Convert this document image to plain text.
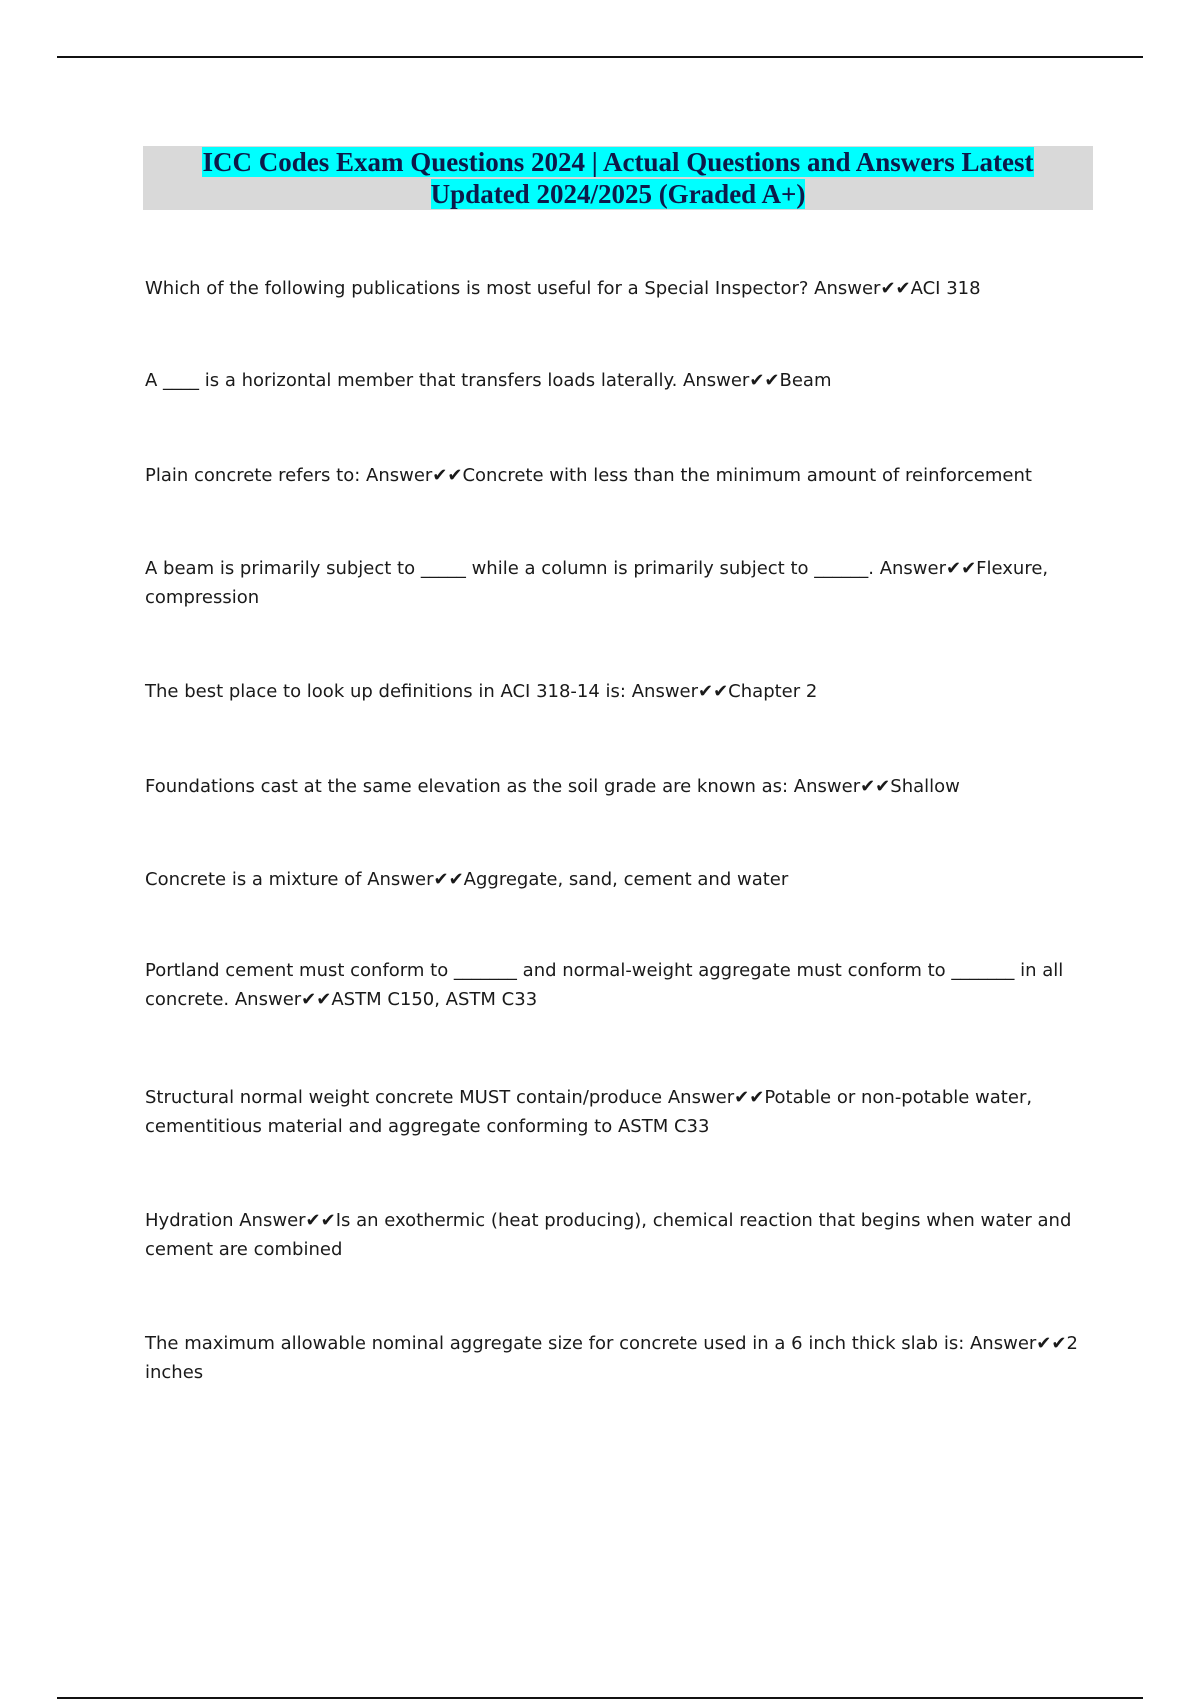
ICC Codes Exam Questions 2024 | Actual Questions and Answers Latest
Updated 2024/2025 (Graded A+)

Which of the following publications is most useful for a Special Inspector? Answer✔✔ACI 318

A ____ is a horizontal member that transfers loads laterally. Answer✔✔Beam

Plain concrete refers to: Answer✔✔Concrete with less than the minimum amount of reinforcement

A beam is primarily subject to _____ while a column is primarily subject to ______. Answer✔✔Flexure, compression

The best place to look up definitions in ACI 318-14 is: Answer✔✔Chapter 2

Foundations cast at the same elevation as the soil grade are known as: Answer✔✔Shallow

Concrete is a mixture of Answer✔✔Aggregate, sand, cement and water

Portland cement must conform to _______ and normal-weight aggregate must conform to _______ in all concrete. Answer✔✔ASTM C150, ASTM C33

Structural normal weight concrete MUST contain/produce Answer✔✔Potable or non-potable water, cementitious material and aggregate conforming to ASTM C33

Hydration Answer✔✔Is an exothermic (heat producing), chemical reaction that begins when water and cement are combined

The maximum allowable nominal aggregate size for concrete used in a 6 inch thick slab is: Answer✔✔2 inches
